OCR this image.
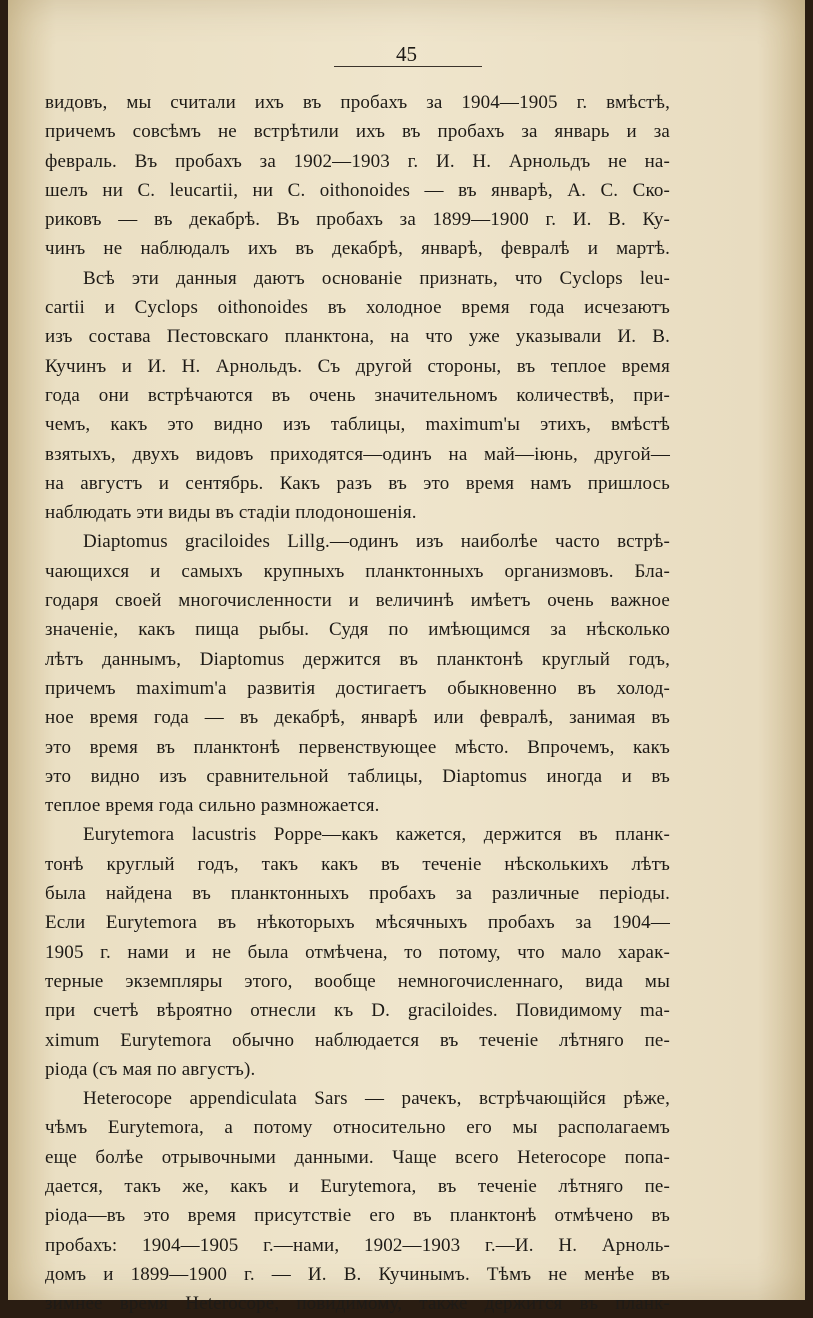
45
видовъ, мы считали ихъ въ пробахъ за 1904—1905 г. вмѣстѣ,
причемъ совсѣмъ не встрѣтили ихъ въ пробахъ за январь и за
февраль. Въ пробахъ за 1902—1903 г. И. Н. Арнольдъ не на-
шелъ ни C. leucartii, ни C. oithonoides — въ январѣ, А. С. Ско-
риковъ — въ декабрѣ. Въ пробахъ за 1899—1900 г. И. В. Ку-
чинъ не наблюдалъ ихъ въ декабрѣ, январѣ, февралѣ и мартѣ.
Всѣ эти данныя даютъ основаніе признать, что Cyclops leu-
cartii и Cyclops oithonoides въ холодное время года исчезаютъ
изъ состава Пестовскаго планктона, на что уже указывали И. В.
Кучинъ и И. Н. Арнольдъ. Съ другой стороны, въ теплое время
года они встрѣчаются въ очень значительномъ количествѣ, при-
чемъ, какъ это видно изъ таблицы, maximum'ы этихъ, вмѣстѣ
взятыхъ, двухъ видовъ приходятся—одинъ на май—іюнь, другой—
на августъ и сентябрь. Какъ разъ въ это время намъ пришлось
наблюдать эти виды въ стадіи плодоношенія.
Diaptomus graciloides Lillg.—одинъ изъ наиболѣе часто встрѣ-
чающихся и самыхъ крупныхъ планктонныхъ организмовъ. Бла-
годаря своей многочисленности и величинѣ имѣетъ очень важное
значеніе, какъ пища рыбы. Судя по имѣющимся за нѣсколько
лѣтъ даннымъ, Diaptomus держится въ планктонѣ круглый годъ,
причемъ maximum'a развитія достигаетъ обыкновенно въ холод-
ное время года — въ декабрѣ, январѣ или февралѣ, занимая въ
это время въ планктонѣ первенствующее мѣсто. Впрочемъ, какъ
это видно изъ сравнительной таблицы, Diaptomus иногда и въ
теплое время года сильно размножается.
Eurytemora lacustris Poppe—какъ кажется, держится въ планк-
тонѣ круглый годъ, такъ какъ въ теченіе нѣсколькихъ лѣтъ
была найдена въ планктонныхъ пробахъ за различные періоды.
Если Eurytemora въ нѣкоторыхъ мѣсячныхъ пробахъ за 1904—
1905 г. нами и не была отмѣчена, то потому, что мало харак-
терные экземпляры этого, вообще немногочисленнаго, вида мы
при счетѣ вѣроятно отнесли къ D. graciloides. Повидимому ma-
ximum Eurytemora обычно наблюдается въ теченіе лѣтняго пе-
ріода (съ мая по августъ).
Heterocope appendiculata Sars — рачекъ, встрѣчающійся рѣже,
чѣмъ Eurytemora, а потому относительно его мы располагаемъ
еще болѣе отрывочными данными. Чаще всего Heterocope попа-
дается, такъ же, какъ и Eurytemora, въ теченіе лѣтняго пе-
ріода—въ это время присутствіе его въ планктонѣ отмѣчено въ
пробахъ: 1904—1905 г.—нами, 1902—1903 г.—И. Н. Арноль-
домъ и 1899—1900 г. — И. В. Кучинымъ. Тѣмъ не менѣе въ
зимнее время Heterocope, повидимому, также держится въ планк-
